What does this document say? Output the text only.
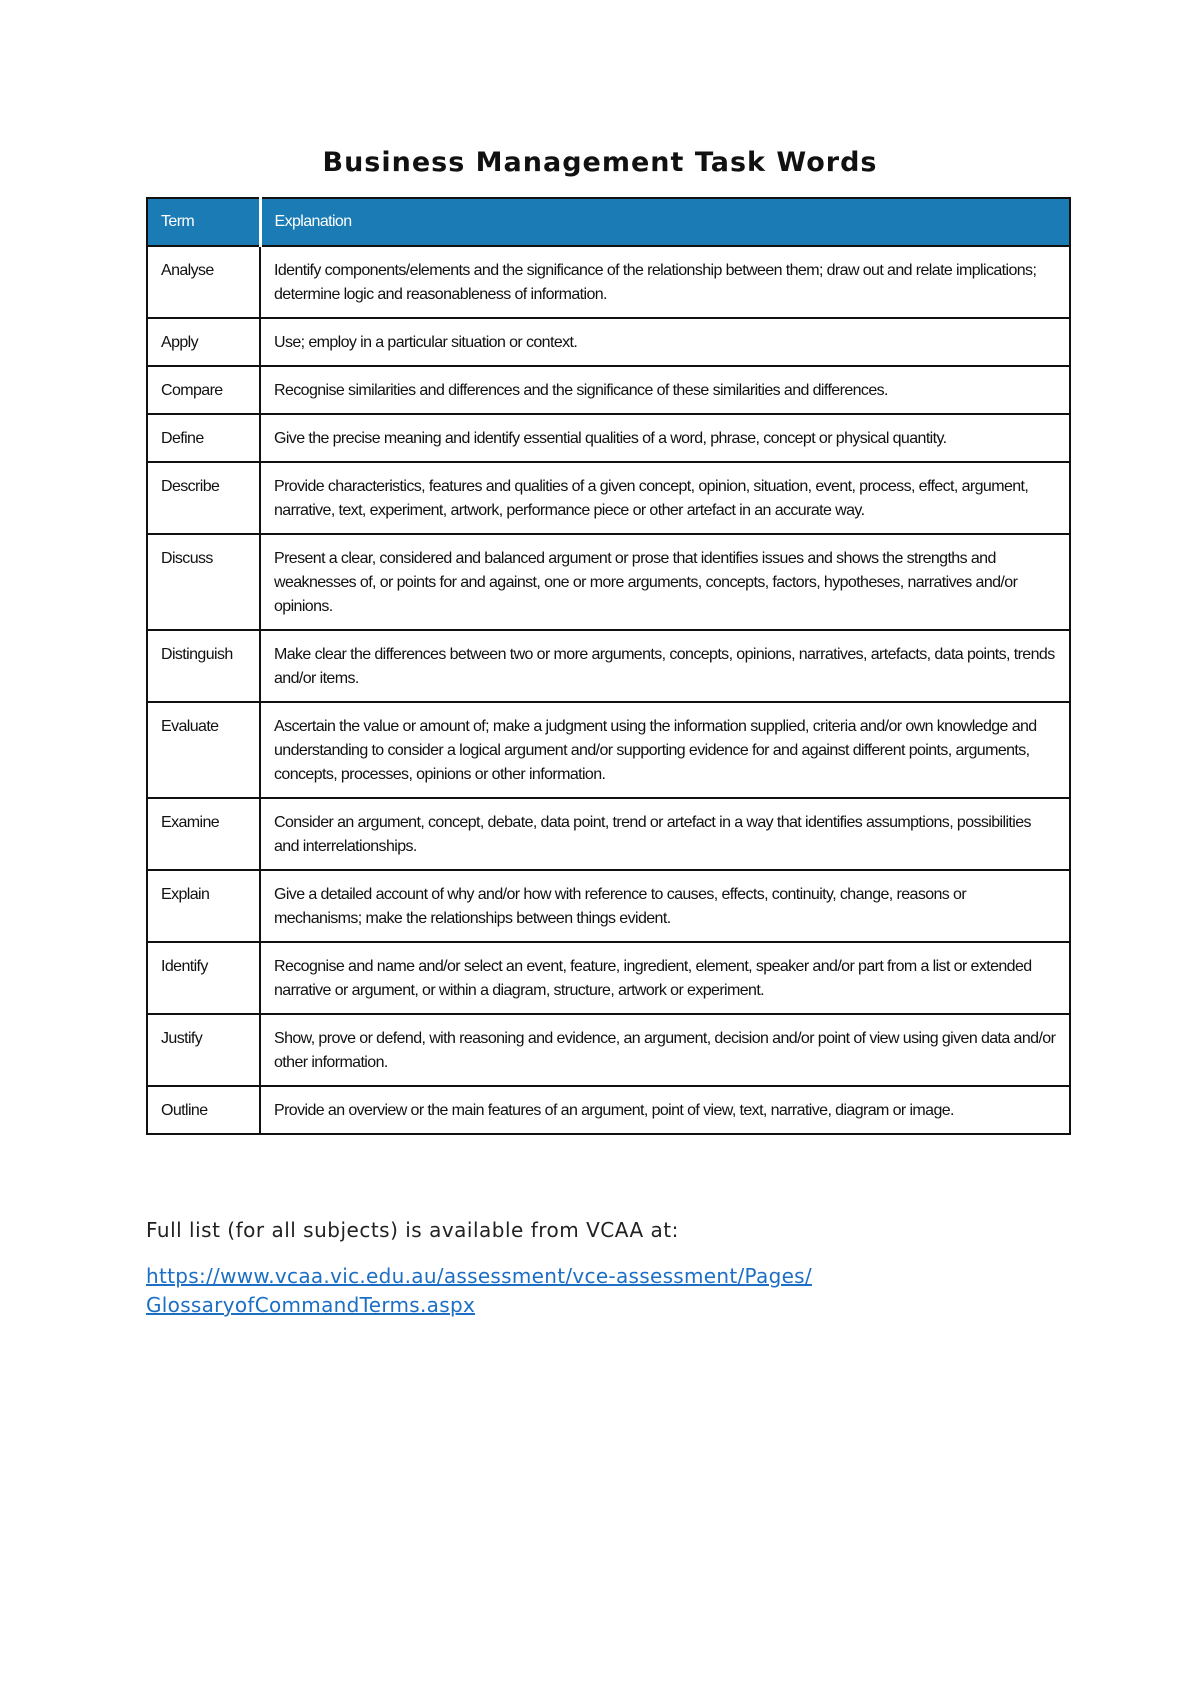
Business Management Task Words
Term	Explanation
Analyse	Identify components/elements and the significance of the relationship between them; draw out and relate implications; determine logic and reasonableness of information.
Apply	Use; employ in a particular situation or context.
Compare	Recognise similarities and differences and the significance of these similarities and differences.
Define	Give the precise meaning and identify essential qualities of a word, phrase, concept or physical quantity.
Describe	Provide characteristics, features and qualities of a given concept, opinion, situation, event, process, effect, argument, narrative, text, experiment, artwork, performance piece or other artefact in an accurate way.
Discuss	Present a clear, considered and balanced argument or prose that identifies issues and shows the strengths and weaknesses of, or points for and against, one or more arguments, concepts, factors, hypotheses, narratives and/or opinions.
Distinguish	Make clear the differences between two or more arguments, concepts, opinions, narratives, artefacts, data points, trends and/or items.
Evaluate	Ascertain the value or amount of; make a judgment using the information supplied, criteria and/or own knowledge and understanding to consider a logical argument and/or supporting evidence for and against different points, arguments, concepts, processes, opinions or other information.
Examine	Consider an argument, concept, debate, data point, trend or artefact in a way that identifies assumptions, possibilities and interrelationships.
Explain	Give a detailed account of why and/or how with reference to causes, effects, continuity, change, reasons or mechanisms; make the relationships between things evident.
Identify	Recognise and name and/or select an event, feature, ingredient, element, speaker and/or part from a list or extended narrative or argument, or within a diagram, structure, artwork or experiment.
Justify	Show, prove or defend, with reasoning and evidence, an argument, decision and/or point of view using given data and/or other information.
Outline	Provide an overview or the main features of an argument, point of view, text, narrative, diagram or image.

Full list (for all subjects) is available from VCAA at:

https://www.vcaa.vic.edu.au/assessment/vce-assessment/Pages/
GlossaryofCommandTerms.aspx
